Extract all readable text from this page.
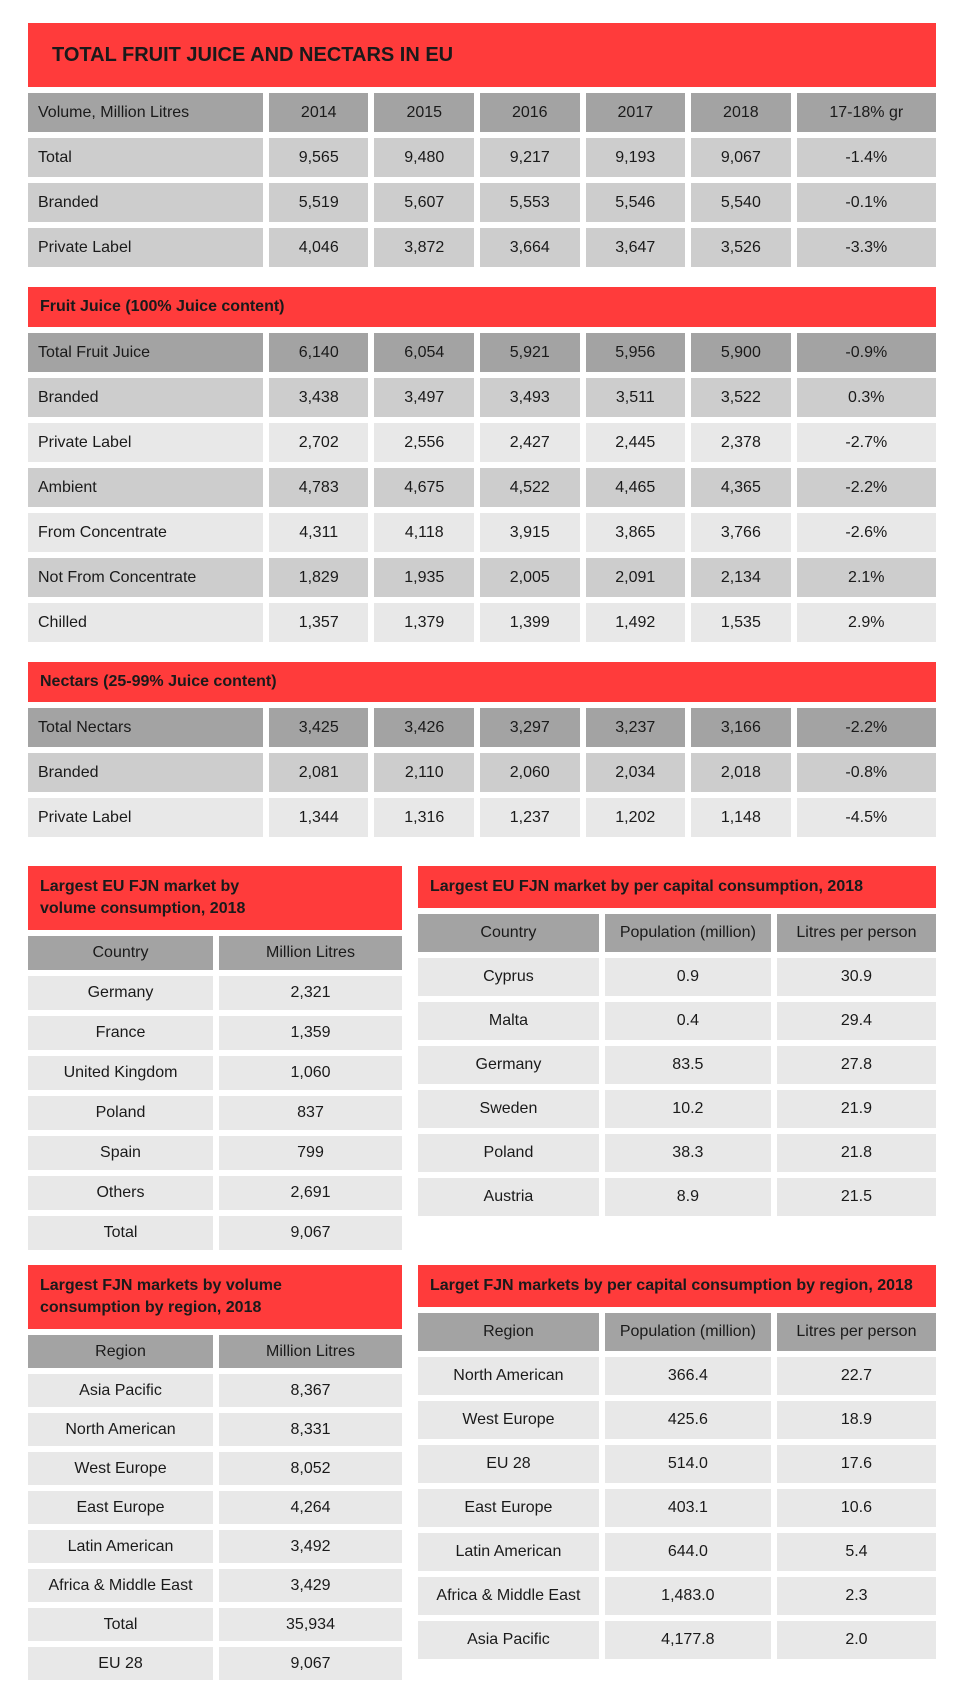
TOTAL FRUIT JUICE AND NECTARS IN EU
Volume, Million Litres	2014	2015	2016	2017	2018	17-18% gr
Total	9,565	9,480	9,217	9,193	9,067	-1.4%
Branded	5,519	5,607	5,553	5,546	5,540	-0.1%
Private Label	4,046	3,872	3,664	3,647	3,526	-3.3%
Fruit Juice (100% Juice content)
Total Fruit Juice	6,140	6,054	5,921	5,956	5,900	-0.9%
Branded	3,438	3,497	3,493	3,511	3,522	0.3%
Private Label	2,702	2,556	2,427	2,445	2,378	-2.7%
Ambient	4,783	4,675	4,522	4,465	4,365	-2.2%
From Concentrate	4,311	4,118	3,915	3,865	3,766	-2.6%
Not From Concentrate	1,829	1,935	2,005	2,091	2,134	2.1%
Chilled	1,357	1,379	1,399	1,492	1,535	2.9%
Nectars (25-99% Juice content)
Total Nectars	3,425	3,426	3,297	3,237	3,166	-2.2%
Branded	2,081	2,110	2,060	2,034	2,018	-0.8%
Private Label	1,344	1,316	1,237	1,202	1,148	-4.5%
Largest EU FJN market by
volume consumption, 2018
Country	Million Litres
Germany	2,321
France	1,359
United Kingdom	1,060
Poland	837
Spain	799
Others	2,691
Total	9,067
Largest EU FJN market by per capital consumption, 2018
Country	Population (million)	Litres per person
Cyprus	0.9	30.9
Malta	0.4	29.4
Germany	83.5	27.8
Sweden	10.2	21.9
Poland	38.3	21.8
Austria	8.9	21.5
Largest FJN markets by volume
consumption by region, 2018
Region	Million Litres
Asia Pacific	8,367
North American	8,331
West Europe	8,052
East Europe	4,264
Latin American	3,492
Africa & Middle East	3,429
Total	35,934
EU 28	9,067
Larget FJN markets by per capital consumption by region, 2018
Region	Population (million)	Litres per person
North American	366.4	22.7
West Europe	425.6	18.9
EU 28	514.0	17.6
East Europe	403.1	10.6
Latin American	644.0	5.4
Africa & Middle East	1,483.0	2.3
Asia Pacific	4,177.8	2.0
